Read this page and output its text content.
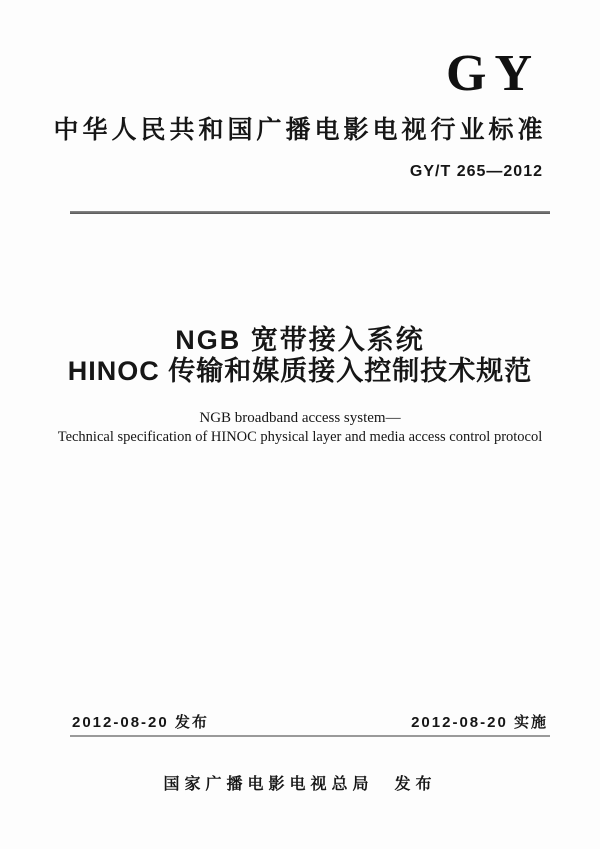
GY
中华人民共和国广播电影电视行业标准
GY/T 265—2012
NGB 宽带接入系统
HINOC 传输和媒质接入控制技术规范
NGB broadband access system—
Technical specification of HINOC physical layer and media access control protocol
2012-08-20 发布	2012-08-20 实施
国家广播电影电视总局　发布
